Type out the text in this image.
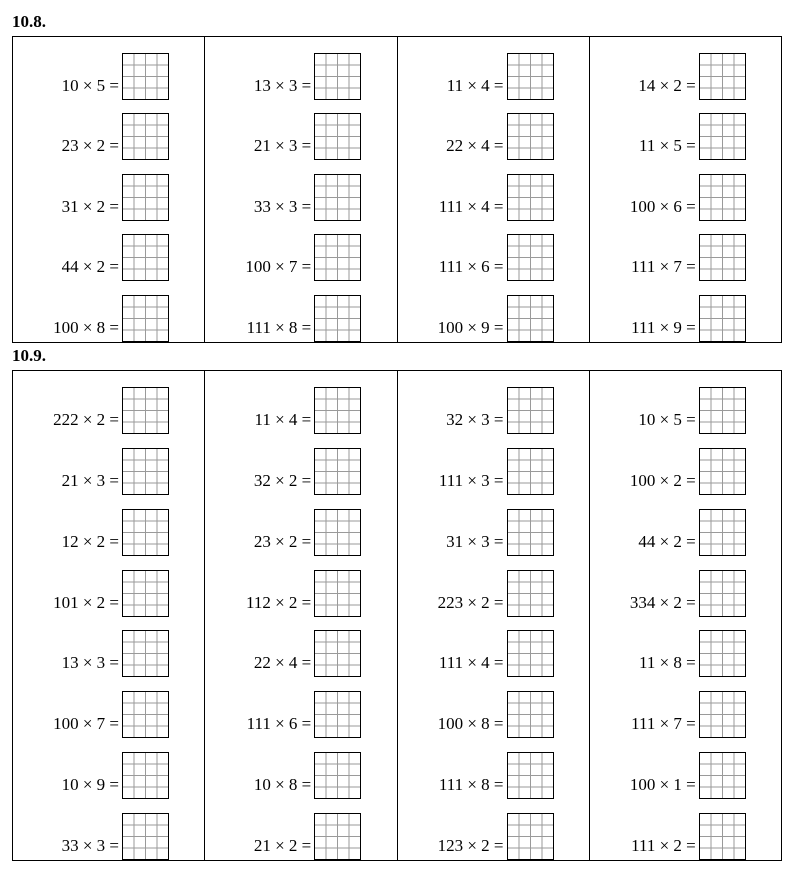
10.8.
10 × 5 =
23 × 2 =
31 × 2 =
44 × 2 =
100 × 8 =
13 × 3 =
21 × 3 =
33 × 3 =
100 × 7 =
111 × 8 =
11 × 4 =
22 × 4 =
111 × 4 =
111 × 6 =
100 × 9 =
14 × 2 =
11 × 5 =
100 × 6 =
111 × 7 =
111 × 9 =
10.9.
222 × 2 =
21 × 3 =
12 × 2 =
101 × 2 =
13 × 3 =
100 × 7 =
10 × 9 =
33 × 3 =
11 × 4 =
32 × 2 =
23 × 2 =
112 × 2 =
22 × 4 =
111 × 6 =
10 × 8 =
21 × 2 =
32 × 3 =
111 × 3 =
31 × 3 =
223 × 2 =
111 × 4 =
100 × 8 =
111 × 8 =
123 × 2 =
10 × 5 =
100 × 2 =
44 × 2 =
334 × 2 =
11 × 8 =
111 × 7 =
100 × 1 =
111 × 2 =
